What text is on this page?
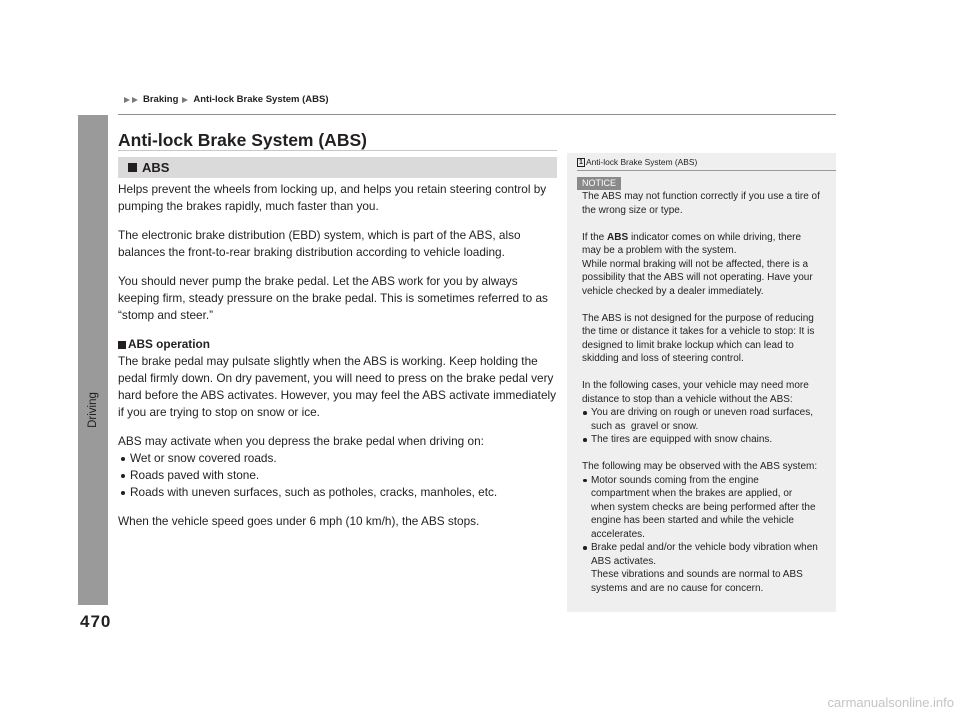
Braking Anti-lock Brake System (ABS)
Driving
470
Anti-lock Brake System (ABS)
ABS

Helps prevent the wheels from locking up, and helps you retain steering control by
pumping the brakes rapidly, much faster than you.

The electronic brake distribution (EBD) system, which is part of the ABS, also
balances the front-to-rear braking distribution according to vehicle loading.

You should never pump the brake pedal. Let the ABS work for you by always
keeping firm, steady pressure on the brake pedal. This is sometimes referred to as
“stomp and steer.”

ABS operation

The brake pedal may pulsate slightly when the ABS is working. Keep holding the
pedal firmly down. On dry pavement, you will need to press on the brake pedal very
hard before the ABS activates. However, you may feel the ABS activate immediately
if you are trying to stop on snow or ice.

ABS may activate when you depress the brake pedal when driving on:

Wet or snow covered roads.
Roads paved with stone.
Roads with uneven surfaces, such as potholes, cracks, manholes, etc.

When the vehicle speed goes under 6 mph (10 km/h), the ABS stops.

1 Anti-lock Brake System (ABS)
NOTICE

The ABS may not function correctly if you use a tire of
the wrong size or type.

If the ABS indicator comes on while driving, there
may be a problem with the system.
While normal braking will not be affected, there is a
possibility that the ABS will not operating. Have your
vehicle checked by a dealer immediately.

The ABS is not designed for the purpose of reducing
the time or distance it takes for a vehicle to stop: It is
designed to limit brake lockup which can lead to
skidding and loss of steering control.

In the following cases, your vehicle may need more
distance to stop than a vehicle without the ABS:

You are driving on rough or uneven road surfaces,
such as  gravel or snow.
The tires are equipped with snow chains.

The following may be observed with the ABS system:

Motor sounds coming from the engine
compartment when the brakes are applied, or
when system checks are being performed after the
engine has been started and while the vehicle
accelerates.
Brake pedal and/or the vehicle body vibration when
ABS activates.
These vibrations and sounds are normal to ABS
systems and are no cause for concern.
carmanualsonline.info
